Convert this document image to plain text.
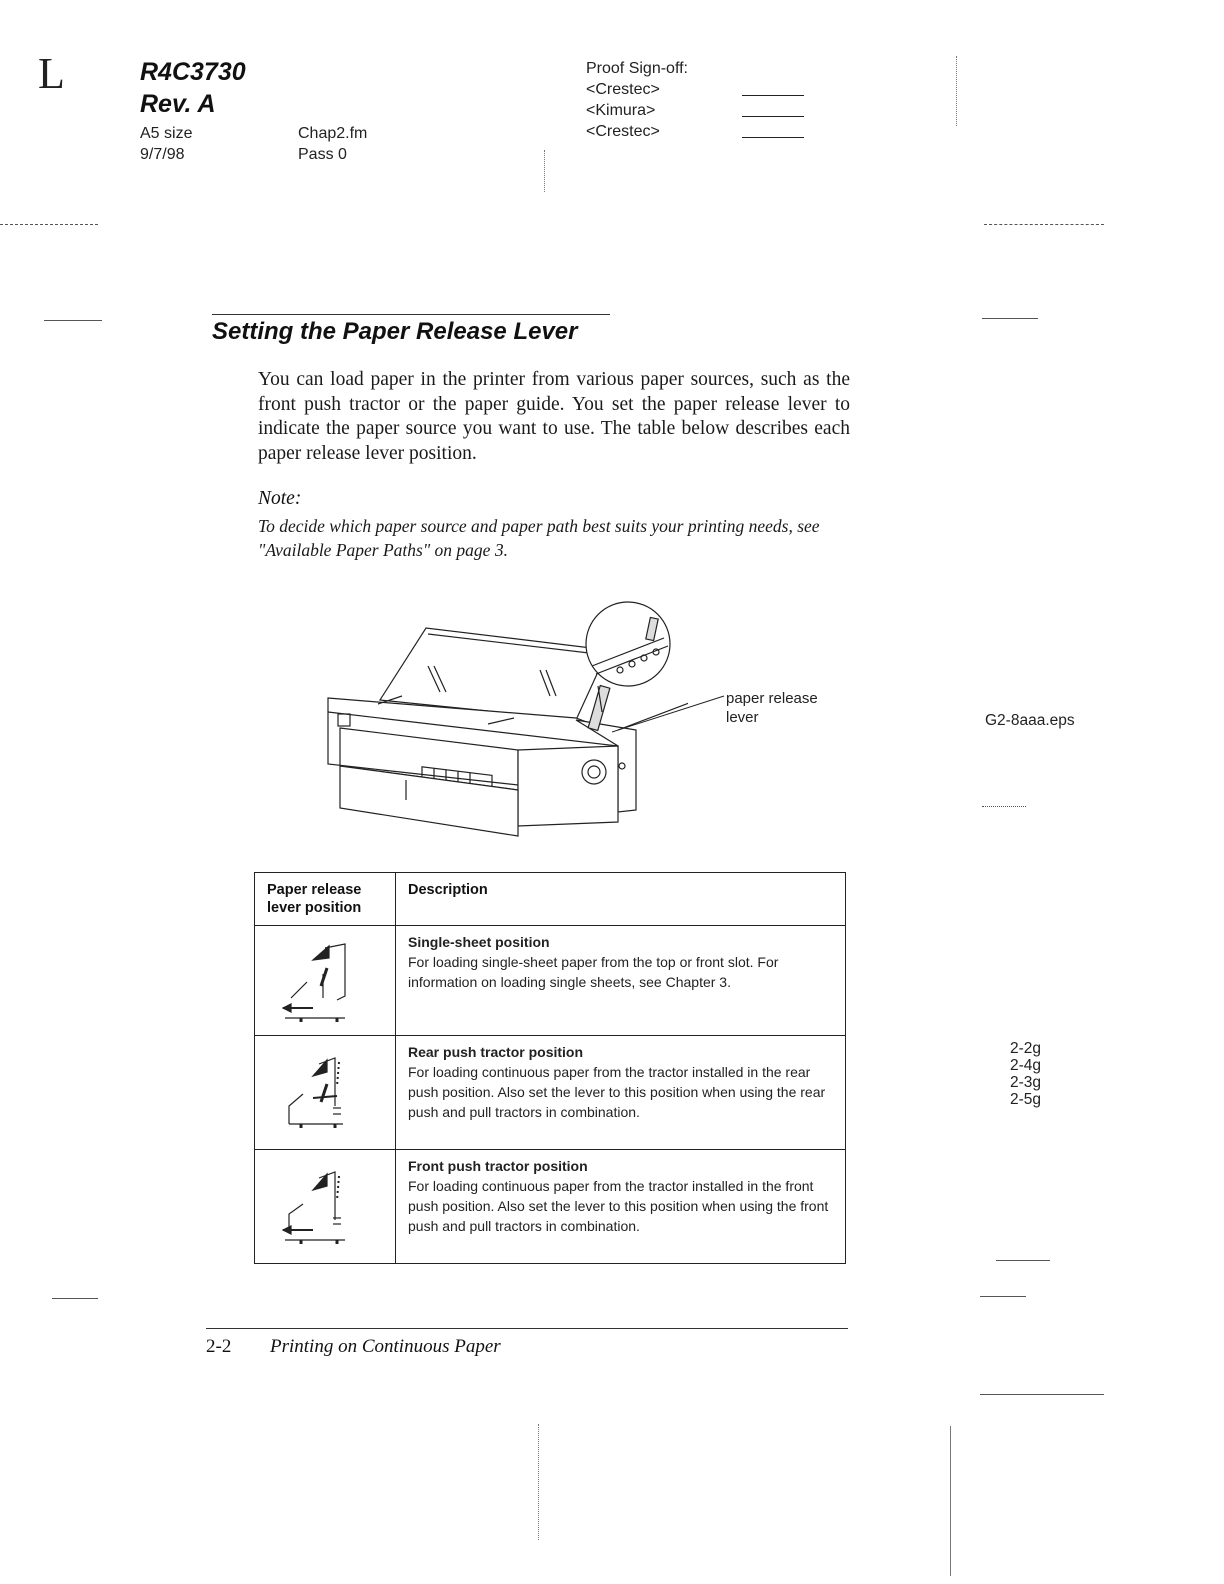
L	R4C3730
Rev. A
A5 size
9/7/98
Chap2.fm
Pass 0
Proof Sign-off:
<Crestec>
<Kimura>
<Crestec>
Setting the Paper Release Lever
You can load paper in the printer from various paper sources, such as the front push tractor or the paper guide. You set the paper release lever to indicate the paper source you want to use. The table below describes each paper release lever position.
Note:
To decide which paper source and paper path best suits your printing needs, see "Available Paper Paths" on page 3.
paper release
lever	G2-8aaa.eps
Paper release lever position	Description

Single-sheet position
For loading single-sheet paper from the top or front slot. For information on loading single sheets, see Chapter 3.

Rear push tractor position
For loading continuous paper from the tractor installed in the rear push position. Also set the lever to this position when using the rear push and pull tractors in combination.

Front push tractor position
For loading continuous paper from the tractor installed in the front push position. Also set the lever to this position when using the front push and pull tractors in combination.
2-2g
2-4g
2-3g
2-5g
2-2 Printing on Continuous Paper
